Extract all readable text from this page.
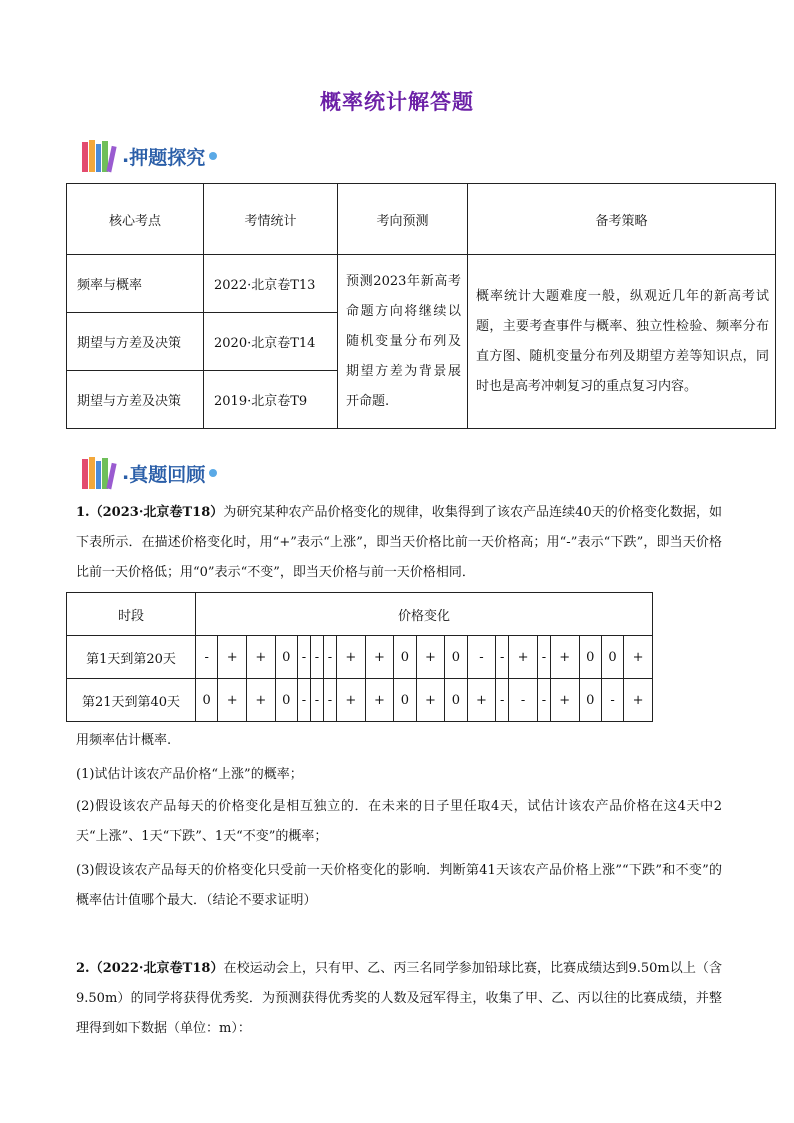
概率统计解答题
. 押题探究
核心考点	考情统计	考向预测	备考策略
频率与概率	2022·北京卷T13	预测2023年新高考命题方向将继续以随机变量分布列及期望方差为背景展开命题.	概率统计大题难度一般，纵观近几年的新高考试题，主要考查事件与概率、独立性检验、频率分布直方图、随机变量分布列及期望方差等知识点，同时也是高考冲刺复习的重点复习内容。
期望与方差及决策	2020·北京卷T14		
期望与方差及决策	2019·北京卷T9		
. 真题回顾
1.（2023·北京卷T18）为研究某种农产品价格变化的规律，收集得到了该农产品连续40天的价格变化数据，如下表所示．在描述价格变化时，用“+”表示“上涨”，即当天价格比前一天价格高；用“-”表示“下跌”，即当天价格比前一天价格低；用“0”表示“不变”，即当天价格与前一天价格相同．
时段	价格变化																			
第1天到第20天	-	+	+	0	-	-	-	+	+	0	+	0	-	-	+	-	+	0	0	+
第21天到第40天	0	+	+	0	-	-	-	+	+	0	+	0	+	-	-	-	+	0	-	+
用频率估计概率.
(1)试估计该农产品价格“上涨”的概率；
(2)假设该农产品每天的价格变化是相互独立的．在未来的日子里任取4天，试估计该农产品价格在这4天中2天“上涨”、1天“下跌”、1天“不变”的概率；
(3)假设该农产品每天的价格变化只受前一天价格变化的影响．判断第41天该农产品价格上涨”“下跌”和不变”的概率估计值哪个最大．（结论不要求证明）
2.（2022·北京卷T18）在校运动会上，只有甲、乙、丙三名同学参加铅球比赛，比赛成绩达到9.50m以上（含9.50m）的同学将获得优秀奖．为预测获得优秀奖的人数及冠军得主，收集了甲、乙、丙以往的比赛成绩，并整理得到如下数据（单位：m）：
